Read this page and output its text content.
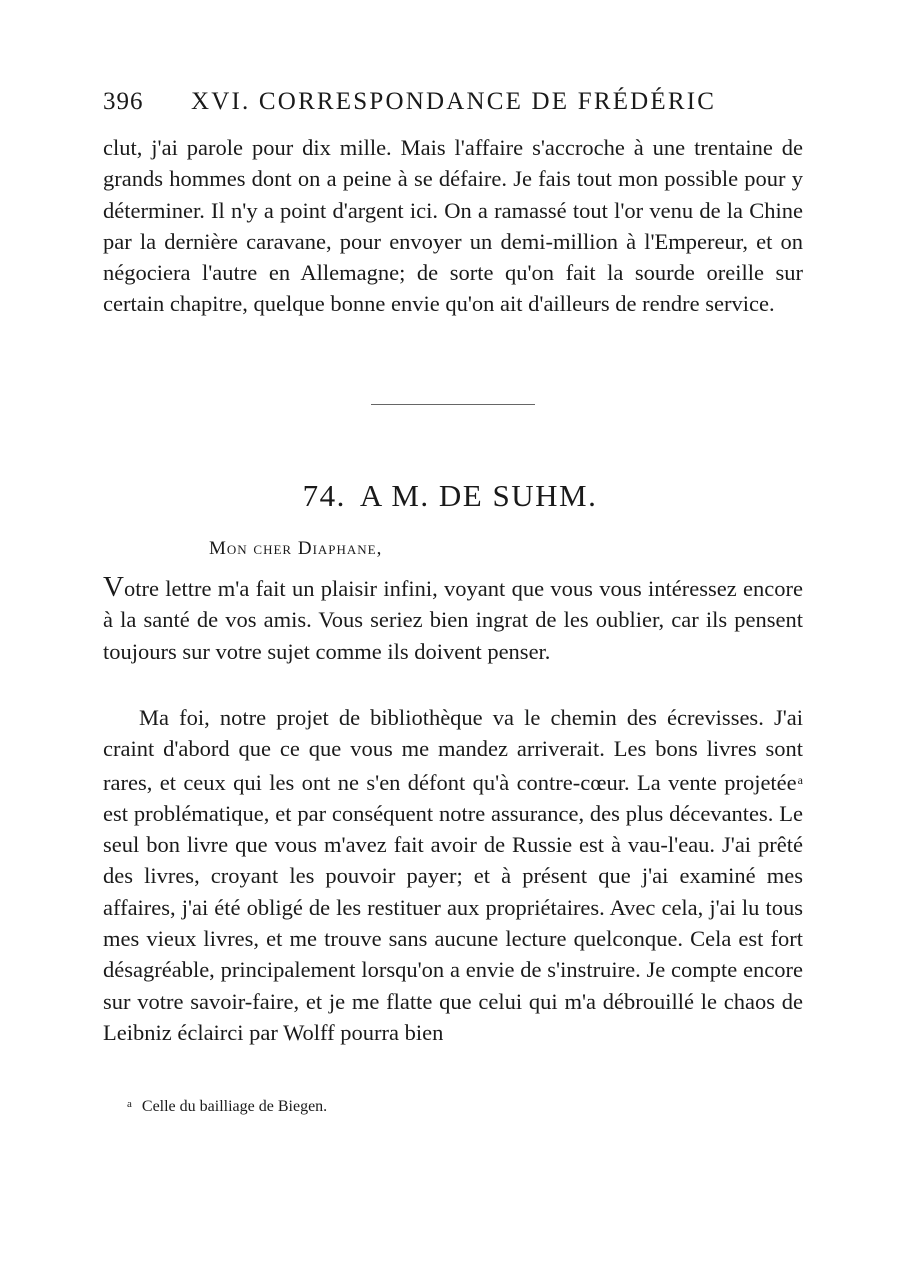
396 XVI. CORRESPONDANCE DE FRÉDÉRIC

clut, j'ai parole pour dix mille. Mais l'affaire s'accroche à une trentaine de grands hommes dont on a peine à se défaire. Je fais tout mon possible pour y déterminer. Il n'y a point d'argent ici. On a ramassé tout l'or venu de la Chine par la dernière caravane, pour envoyer un demi-million à l'Empereur, et on négociera l'autre en Allemagne; de sorte qu'on fait la sourde oreille sur certain chapitre, quelque bonne envie qu'on ait d'ailleurs de rendre service.

74. A M. DE SUHM.
Mon cher Diaphane,

Votre lettre m'a fait un plaisir infini, voyant que vous vous intéressez encore à la santé de vos amis. Vous seriez bien ingrat de les oublier, car ils pensent toujours sur votre sujet comme ils doivent penser.

Ma foi, notre projet de bibliothèque va le chemin des écrevisses. J'ai craint d'abord que ce que vous me mandez arriverait. Les bons livres sont rares, et ceux qui les ont ne s'en défont qu'à contre-cœur. La vente projetée$^a$ est problématique, et par conséquent notre assurance, des plus décevantes. Le seul bon livre que vous m'avez fait avoir de Russie est à vau-l'eau. J'ai prêté des livres, croyant les pouvoir payer; et à présent que j'ai examiné mes affaires, j'ai été obligé de les restituer aux propriétaires. Avec cela, j'ai lu tous mes vieux livres, et me trouve sans aucune lecture quelconque. Cela est fort désagréable, principalement lorsqu'on a envie de s'instruire. Je compte encore sur votre savoir-faire, et je me flatte que celui qui m'a débrouillé le chaos de Leibniz éclairci par Wolff pourra bien

$^a$ Celle du bailliage de Biegen.
